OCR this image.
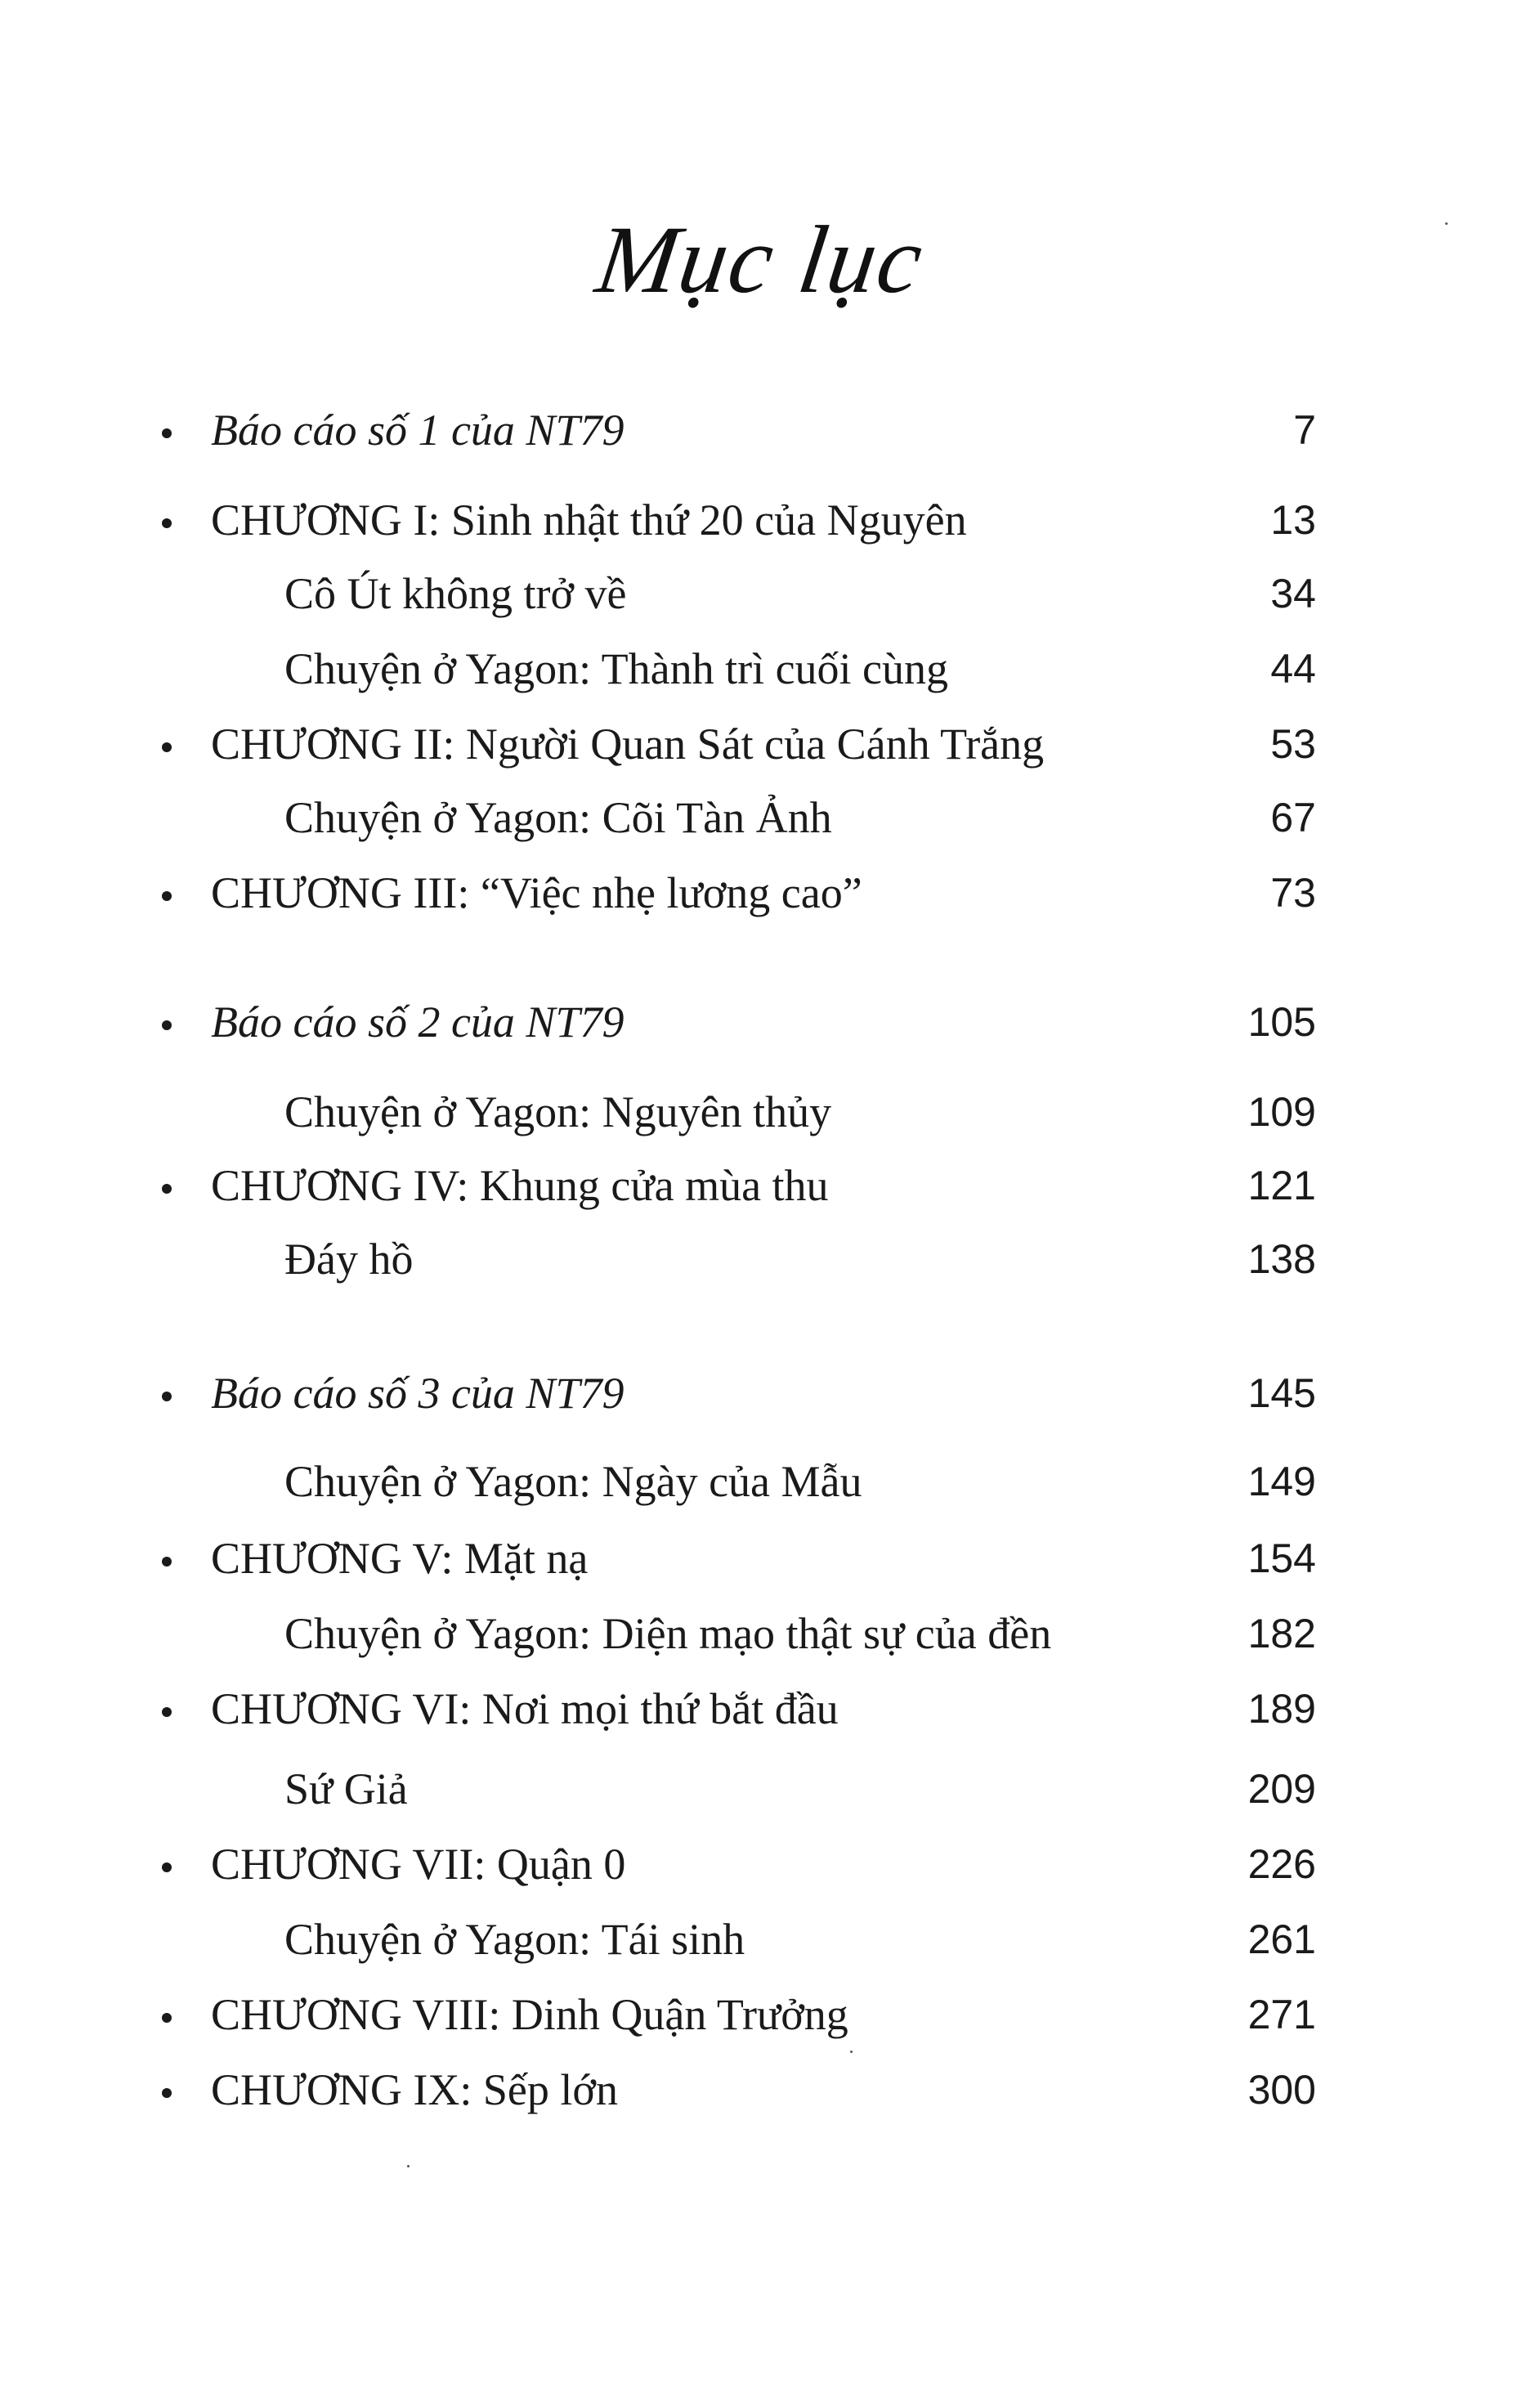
Mục lục
Báo cáo số 1 của NT79	7
CHƯƠNG I: Sinh nhật thứ 20 của Nguyên	13
Cô Út không trở về	34
Chuyện ở Yagon: Thành trì cuối cùng	44
CHƯƠNG II: Người Quan Sát của Cánh Trắng	53
Chuyện ở Yagon: Cõi Tàn Ảnh	67
CHƯƠNG III: “Việc nhẹ lương cao”	73
Báo cáo số 2 của NT79	105
Chuyện ở Yagon: Nguyên thủy	109
CHƯƠNG IV: Khung cửa mùa thu	121
Đáy hồ	138
Báo cáo số 3 của NT79	145
Chuyện ở Yagon: Ngày của Mẫu	149
CHƯƠNG V: Mặt nạ	154
Chuyện ở Yagon: Diện mạo thật sự của đền	182
CHƯƠNG VI: Nơi mọi thứ bắt đầu	189
Sứ Giả	209
CHƯƠNG VII: Quận 0	226
Chuyện ở Yagon: Tái sinh	261
CHƯƠNG VIII: Dinh Quận Trưởng	271
CHƯƠNG IX: Sếp lớn	300
